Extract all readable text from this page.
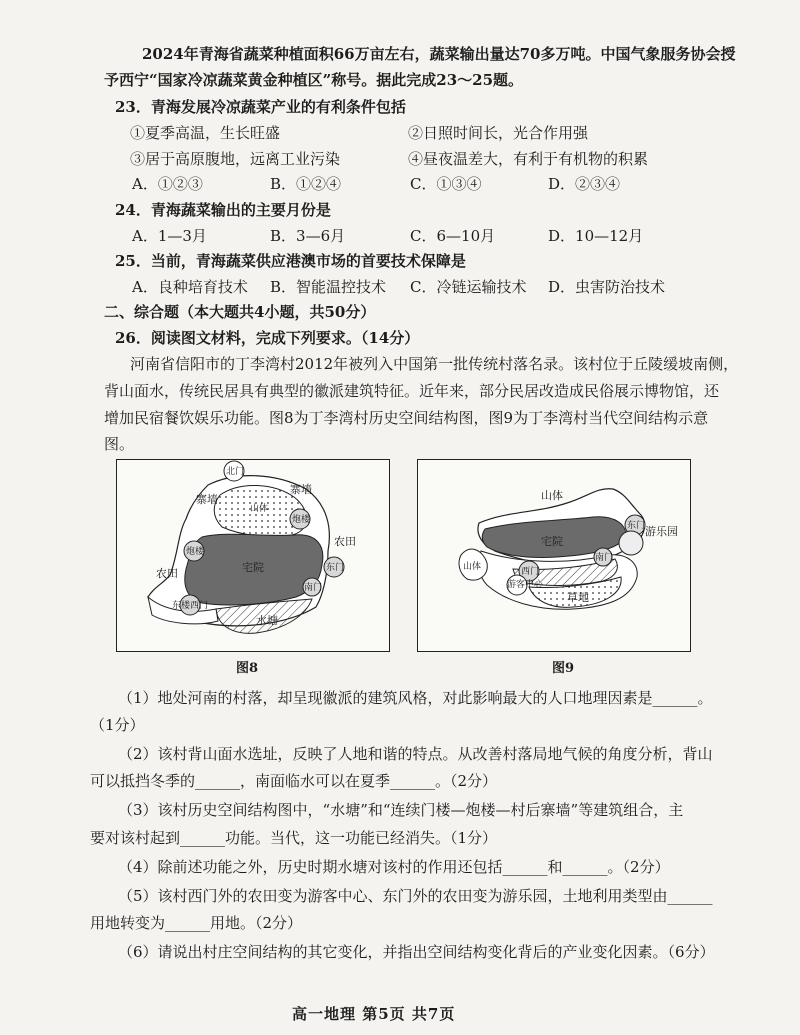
2024年青海省蔬菜种植面积66万亩左右，蔬菜输出量达70多万吨。中国气象服务协会授
予西宁“国家冷凉蔬菜黄金种植区”称号。据此完成23～25题。
23．青海发展冷凉蔬菜产业的有利条件包括
①夏季高温，生长旺盛	②日照时间长，光合作用强
③居于高原腹地，远离工业污染	④昼夜温差大，有利于有机物的积累
A．①②③	B．①②④	C．①③④	D．②③④
24．青海蔬菜输出的主要月份是
A．1—3月	B．3—6月	C．6—10月	D．10—12月
25．当前，青海蔬菜供应港澳市场的首要技术保障是
A．良种培育技术 B．智能温控技术 C．冷链运输技术 D．虫害防治技术
二、综合题（本大题共4小题，共50分）
26．阅读图文材料，完成下列要求。（14分）
河南省信阳市的丁李湾村2012年被列入中国第一批传统村落名录。该村位于丘陵缓坡南侧，
背山面水，传统民居具有典型的徽派建筑特征。近年来，部分民居改造成民俗展示博物馆，还
增加民宿餐饮娱乐功能。图8为丁李湾村历史空间结构图，图9为丁李湾村当代空间结构示意
图。
北门
寨墙
寨墙
山体
炮楼
炮楼
农田
宅院	东门
南门
农田
东楼西门
水塘
图8
山体
东门 游乐园
宅院
山体	西门
游客中心
南门
草地
图9
（1）地处河南的村落，却呈现徽派的建筑风格，对此影响最大的人口地理因素是______。
（1分）
（2）该村背山面水选址，反映了人地和谐的特点。从改善村落局地气候的角度分析，背山
可以抵挡冬季的______，南面临水可以在夏季______。（2分）
（3）该村历史空间结构图中，“水塘”和“连续门楼—炮楼—村后寨墙”等建筑组合，主
要对该村起到______功能。当代，这一功能已经消失。（1分）
（4）除前述功能之外，历史时期水塘对该村的作用还包括______和______。（2分）
（5）该村西门外的农田变为游客中心、东门外的农田变为游乐园，土地利用类型由______
用地转变为______用地。（2分）
（6）请说出村庄空间结构的其它变化，并指出空间结构变化背后的产业变化因素。（6分）
高一地理 第5页 共7页
